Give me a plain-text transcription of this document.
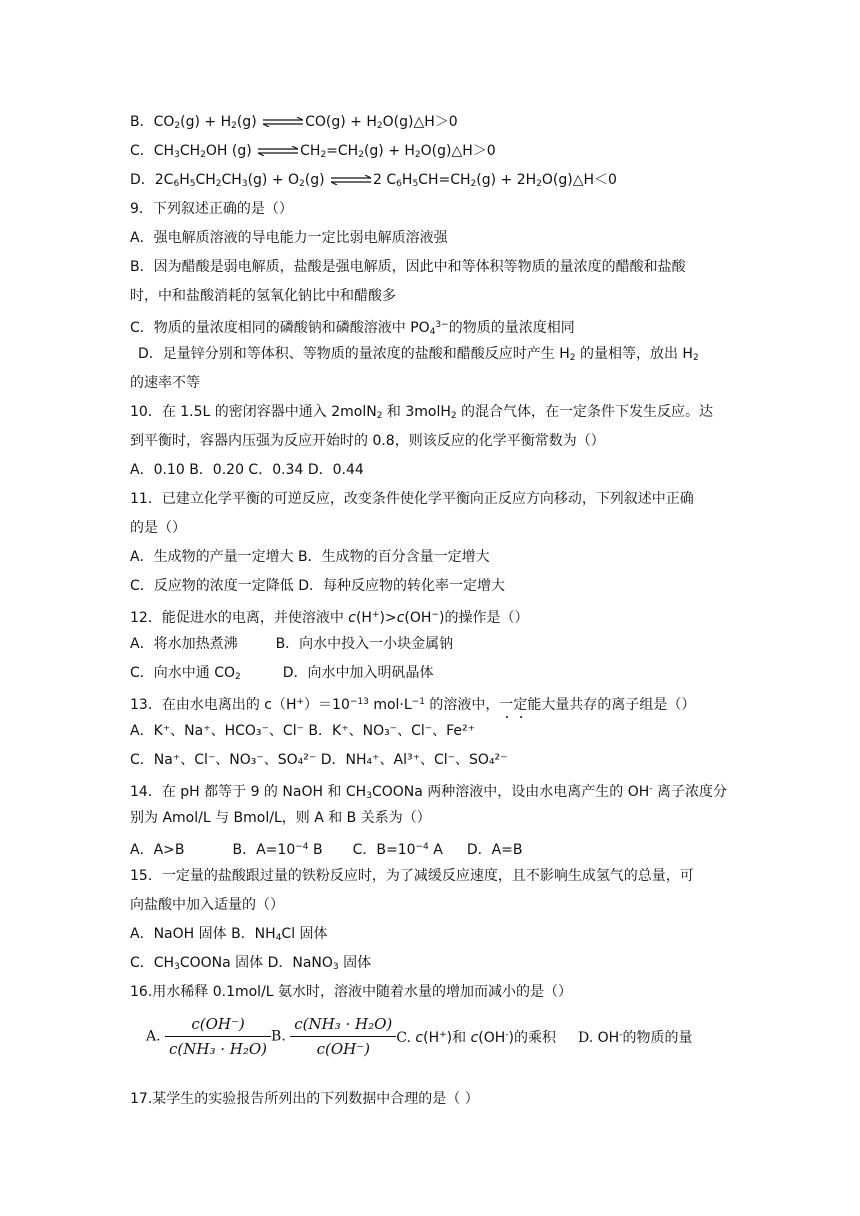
B．$CO_2(g) + H_2(g)$ ⇌ $CO(g) + H_2O(g)\triangle H>0$
C．$CH_3CH_2OH$ (g) ⇌ $CH_2=CH_2(g)$ + $H_2O(g)\triangle H>0$
D．$2C_6H_5CH_2CH_3(g) + O_2(g)$ ⇌ 2 $C_6H_5CH=CH_2(g)$ + $2H_2O(g)\triangle H<0$
9．下列叙述正确的是（）
A．强电解质溶液的导电能力一定比弱电解质溶液强
B．因为醋酸是弱电解质，盐酸是强电解质，因此中和等体积等物质的量浓度的醋酸和盐酸
时，中和盐酸消耗的氢氧化钠比中和醋酸多
C．物质的量浓度相同的磷酸钠和磷酸溶液中 $PO_4^{3-}$的物质的量浓度相同
D．足量锌分别和等体积、等物质的量浓度的盐酸和醋酸反应时产生 $H_2$ 的量相等，放出 $H_2$
的速率不等
10．在 1.5L 的密闭容器中通入 2molN$_2$ 和 3molH$_2$ 的混合气体，在一定条件下发生反应。达
到平衡时，容器内压强为反应开始时的 0.8，则该反应的化学平衡常数为（）
A．0.10 B．0.20 C．0.34 D．0.44
11．已建立化学平衡的可逆反应，改变条件使化学平衡向正反应方向移动，下列叙述中正确
的是（）
A．生成物的产量一定增大 B．生成物的百分含量一定增大
C．反应物的浓度一定降低 D．每种反应物的转化率一定增大
12．能促进水的电离，并使溶液中 c(H+)>c(OH−)的操作是（）
A．将水加热煮沸	B．向水中投入一小块金属钠
C．向水中通 $CO_2$	D．向水中加入明矾晶体
13．在由水电离出的 $c(H^+)=10^{-13}$ $mol\cdot L^{-1}$ 的溶液中，一定能大量共存的离子组是（）
A．K⁺、Na⁺、HCO₃⁻、Cl⁻ B．K⁺、NO₃⁻、Cl⁻、Fe²⁺
C．Na⁺、Cl⁻、NO₃⁻、SO₄²⁻ D．NH₄⁺、Al³⁺、Cl⁻、SO₄²⁻
14．在 pH 都等于 9 的 NaOH 和 $CH_3COONa$ 两种溶液中，设由水电离产生的 OH- 离子浓度分
别为 Amol/L 与 Bmol/L，则 A 和 B 关系为（）
A．A>B	B．$A=10^{-4}$ B C．$B=10^{-4}$ A D．A=B
15．一定量的盐酸跟过量的铁粉反应时，为了减缓反应速度，且不影响生成氢气的总量，可
向盐酸中加入适量的（）
A．NaOH 固体 B．$NH_4Cl$ 固体
C．$CH_3COONa$ 固体 D．NaNO$_3$ 固体
16.用水稀释 0.1mol/L 氨水时，溶液中随着水量的增加而减小的是（）
A. $\frac{c(OH^-)}{\text{c(NH₃ · H₂O)}} B$. $\frac{\text{c(NH₃ · H₂O)}}{c(OH^-)} C$. c(H+)和 c(OH-)的乘积 D. OH-的物质的量
17.某学生的实验报告所列出的下列数据中合理的是（ ）
